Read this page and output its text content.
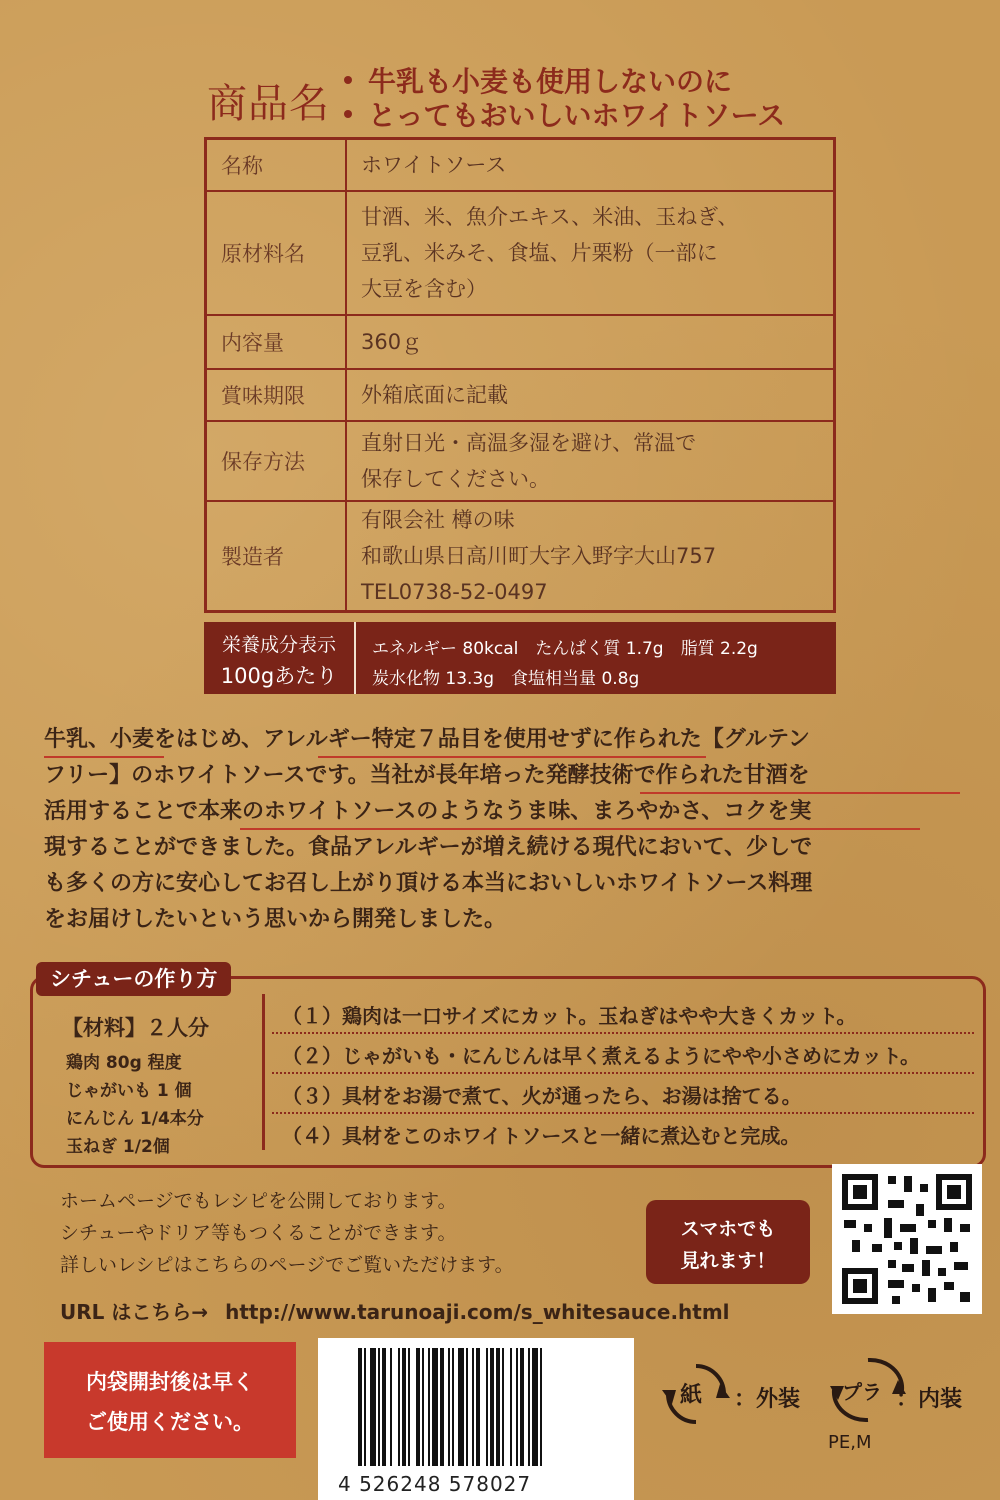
商品名 牛乳も小麦も使用しないのに
とってもおいしいホワイトソース
名称	ホワイトソース

原材料名	甘酒、米、魚介エキス、米油、玉ねぎ、
豆乳、米みそ、食塩、片栗粉（一部に
大豆を含む）

内容量	360ｇ

賞味期限	外箱底面に記載

保存方法	直射日光・高温多湿を避け、常温で
保存してください。

製造者	有限会社 樽の味
和歌山県日高川町大字入野字大山757
TEL0738-52-0497
栄養成分表示
100gあたり
エネルギー 80kcal　たんぱく質 1.7g　脂質 2.2g
炭水化物 13.3g　食塩相当量 0.8g
牛乳、小麦をはじめ、アレルギー特定７品目を使用せずに作られた【グルテン
フリー】のホワイトソースです。当社が長年培った発酵技術で作られた甘酒を
活用することで本来のホワイトソースのようなうま味、まろやかさ、コクを実
現することができました。食品アレルギーが増え続ける現代において、少しで
も多くの方に安心してお召し上がり頂ける本当においしいホワイトソース料理
をお届けしたいという思いから開発しました。
シチューの作り方
【材料】２人分
鶏肉 80g 程度
じゃがいも 1 個
にんじん 1/4本分
玉ねぎ 1/2個
（１）鶏肉は一口サイズにカット。玉ねぎはやや大きくカット。
（２）じゃがいも・にんじんは早く煮えるようにやや小さめにカット。
（３）具材をお湯で煮て、火が通ったら、お湯は捨てる。
（４）具材をこのホワイトソースと一緒に煮込むと完成。
ホームページでもレシピを公開しております。
シチューやドリア等もつくることができます。
詳しいレシピはこちらのページでご覧いただけます。
URL はこちら→ http://www.tarunoaji.com/s_whitesauce.html
スマホでも
見れます！
内袋開封後は早く
ご使用ください。
4 526248 578027
紙 ：外装 プラ ：内装
PE,M
